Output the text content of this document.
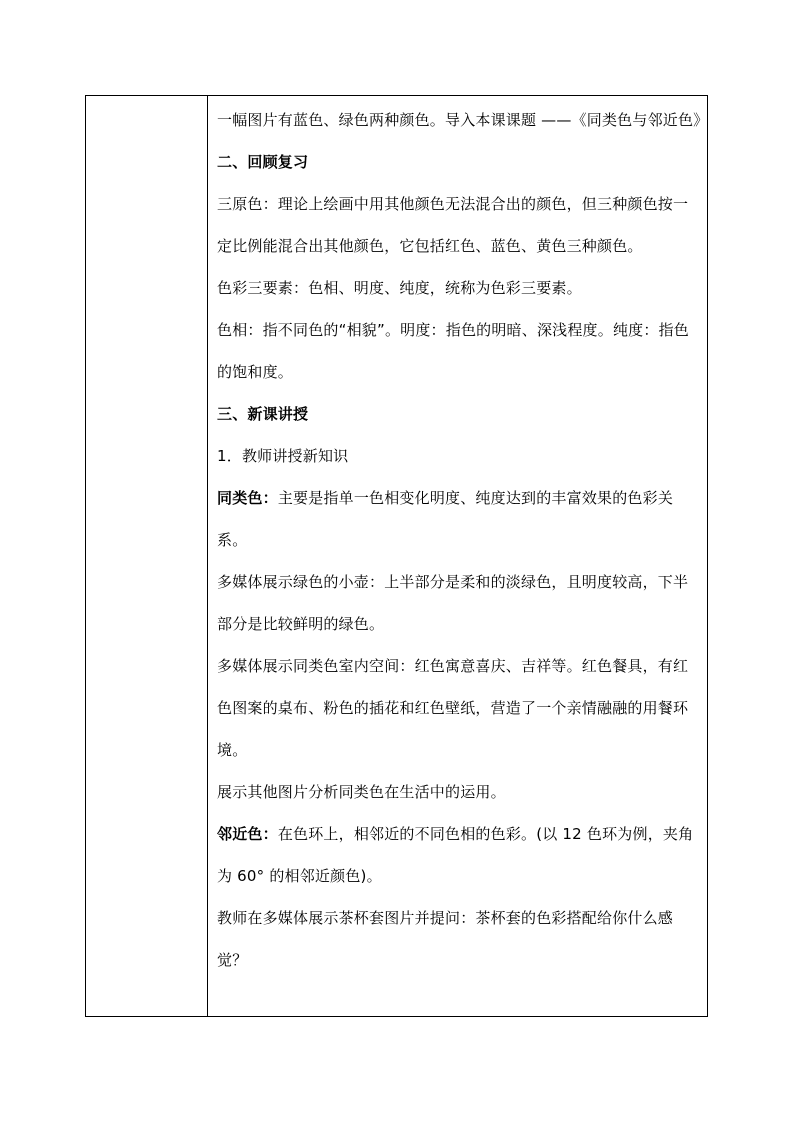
一幅图片有蓝色、绿色两种颜色。导入本课课题 ——《同类色与邻近色》

二、回顾复习

三原色：理论上绘画中用其他颜色无法混合出的颜色，但三种颜色按一定比例能混合出其他颜色，它包括红色、蓝色、黄色三种颜色。

色彩三要素：色相、明度、纯度，统称为色彩三要素。

色相：指不同色的“相貌”。明度：指色的明暗、深浅程度。纯度：指色的饱和度。

三、新课讲授

1．教师讲授新知识

同类色：主要是指单一色相变化明度、纯度达到的丰富效果的色彩关系。

多媒体展示绿色的小壶：上半部分是柔和的淡绿色，且明度较高，下半部分是比较鲜明的绿色。

多媒体展示同类色室内空间：红色寓意喜庆、吉祥等。红色餐具，有红色图案的桌布、粉色的插花和红色壁纸，营造了一个亲情融融的用餐环境。

展示其他图片分析同类色在生活中的运用。

邻近色：在色环上，相邻近的不同色相的色彩。(以 12 色环为例，夹角为 60° 的相邻近颜色)。

教师在多媒体展示茶杯套图片并提问：茶杯套的色彩搭配给你什么感觉？
